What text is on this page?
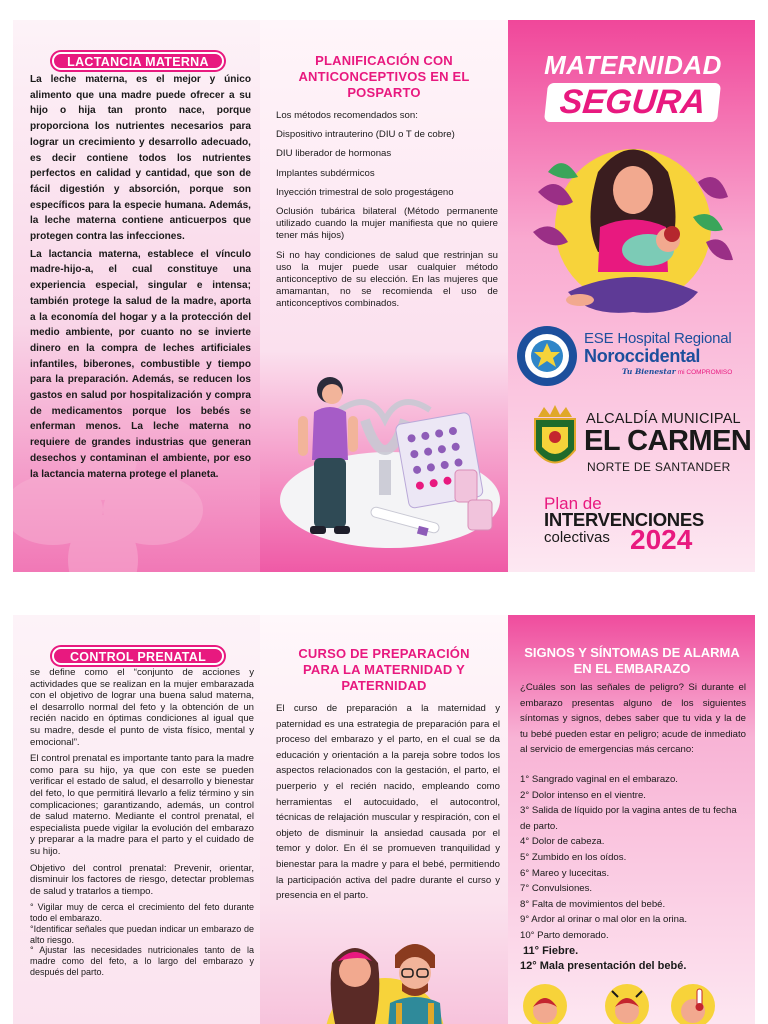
LACTANCIA MATERNA

La leche materna, es el mejor y único alimento que una madre puede ofrecer a su hijo o hija tan pronto nace, porque proporciona los nutrientes necesarios para lograr un crecimiento y desarrollo adecuado, es decir contiene todos los nutrientes perfectos en calidad y cantidad, que son de fácil digestión y absorción, porque son específicos para la especie humana. Además, la leche materna contiene anticuerpos que protegen contra las infecciones.

La lactancia materna, establece el vínculo madre-hijo-a, el cual constituye una experiencia especial, singular e intensa; también protege la salud de la madre, aporta a la economía del hogar y a la protección del medio ambiente, por cuanto no se invierte dinero en la compra de leches artificiales infantiles, biberones, combustible y tiempo para la preparación. Además, se reducen los gastos en salud por hospitalización y compra de medicamentos porque los bebés se enferman menos. La leche materna no requiere de grandes industrias que generan desechos y contaminan el ambiente, por eso la lactancia materna protege el planeta.

PLANIFICACIÓN CON ANTICONCEPTIVOS EN EL POSPARTO
Los métodos recomendados son:
Dispositivo intrauterino (DIU o T de cobre)
DIU liberador de hormonas
Implantes subdérmicos
Inyección trimestral de solo progestágeno
Oclusión tubárica bilateral (Método permanente utilizado cuando la mujer manifiesta que no quiere tener más hijos)
Si no hay condiciones de salud que restrinjan su uso la mujer puede usar cualquier método anticonceptivo de su elección. En las mujeres que amamantan, no se recomienda el uso de anticonceptivos combinados.
MATERNIDAD
SEGURA
ESE Hospital Regional
Noroccidental
Tu Bienestar mi COMPROMISO
ALCALDÍA MUNICIPAL
EL CARMEN
NORTE DE SANTANDER
Plan de
INTERVENCIONES
colectivas 2024
CONTROL PRENATAL

se define como el “conjunto de acciones y actividades que se realizan en la mujer embarazada con el objetivo de lograr una buena salud materna, el desarrollo normal del feto y la obtención de un recién nacido en óptimas condiciones al igual que su madre, desde el punto de vista físico, mental y emocional”.

El control prenatal es importante tanto para la madre como para su hijo, ya que con este se pueden verificar el estado de salud, el desarrollo y bienestar del feto, lo que permitirá llevarlo a feliz término y sin complicaciones; garantizando, además, un control de salud materno. Mediante el control prenatal, el especialista puede vigilar la evolución del embarazo y preparar a la madre para el parto y el cuidado de su hijo.

Objetivo del control prenatal: Prevenir, orientar, disminuir los factores de riesgo, detectar problemas de salud y tratarlos a tiempo.

° Vigilar muy de cerca el crecimiento del feto durante todo el embarazo.

°Identificar señales que puedan indicar un embarazo de alto riesgo.

° Ajustar las necesidades nutricionales tanto de la madre como del feto, a lo largo del embarazo y después del parto.

CURSO DE PREPARACIÓN PARA LA MATERNIDAD Y PATERNIDAD
El curso de preparación a la maternidad y paternidad es una estrategia de preparación para el proceso del embarazo y el parto, en el cual se da educación y orientación a la pareja sobre todos los aspectos relacionados con la gestación, el parto, el puerperio y el recién nacido, empleando como herramientas el autocuidado, el autocontrol, técnicas de relajación muscular y respiración, con el objeto de disminuir la ansiedad causada por el temor y dolor. En él se promueven tranquilidad y bienestar para la madre y para el bebé, permitiendo la participación activa del padre durante el curso y presencia en el parto.
SIGNOS Y SÍNTOMAS DE ALARMA EN EL EMBARAZO
¿Cuáles son las señales de peligro? Si durante el embarazo presentas alguno de los siguientes síntomas y signos, debes saber que tu vida y la de tu bebé pueden estar en peligro; acude de inmediato al servicio de emergencias más cercano:
1° Sangrado vaginal en el embarazo.
2° Dolor intenso en el vientre.
3° Salida de líquido por la vagina antes de tu fecha de parto.
4° Dolor de cabeza.
5° Zumbido en los oídos.
6° Mareo y lucecitas.
7° Convulsiones.
8° Falta de movimientos del bebé.
9° Ardor al orinar o mal olor en la orina.
10° Parto demorado.
11° Fiebre.
12° Mala presentación del bebé.
